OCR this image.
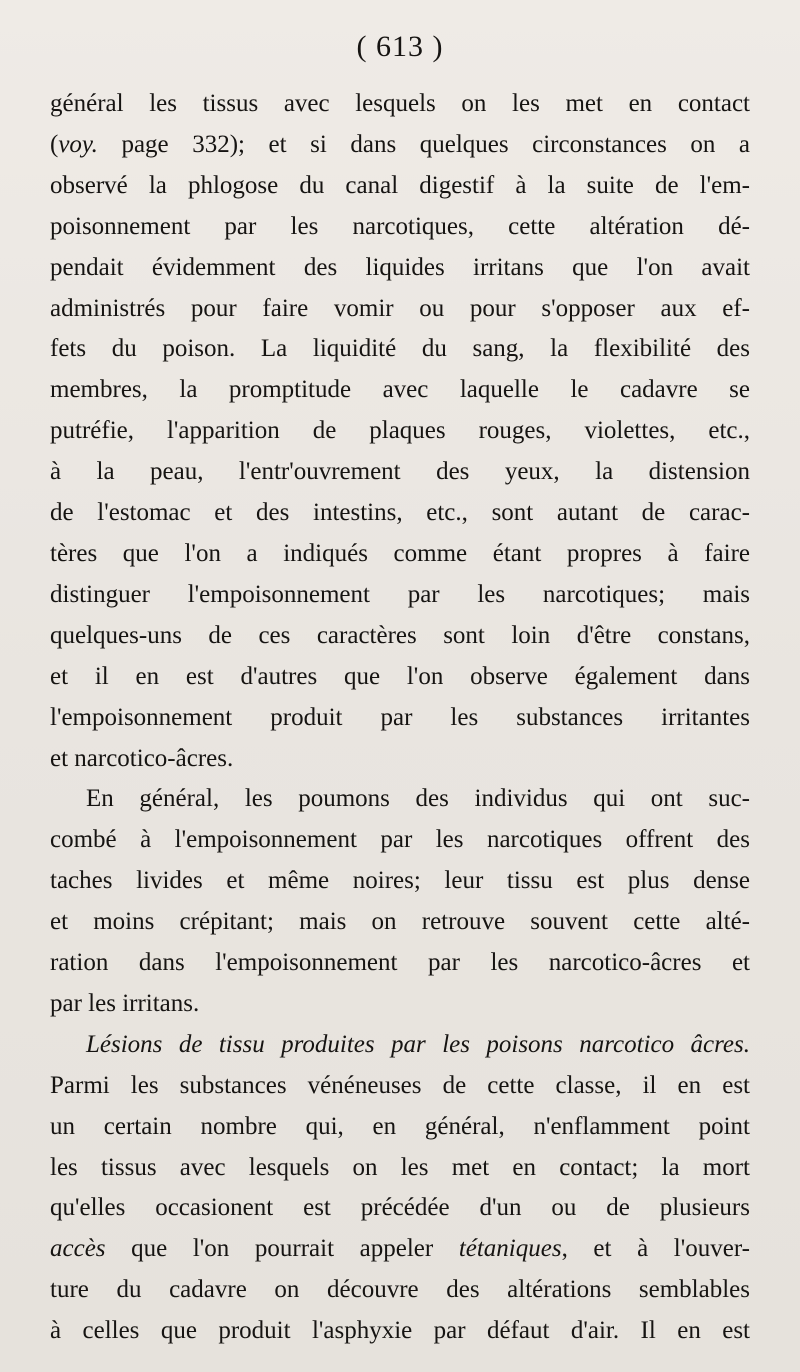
( 613 )
général les tissus avec lesquels on les met en contact
(voy. page 332); et si dans quelques circonstances on a
observé la phlogose du canal digestif à la suite de l'em-
poisonnement par les narcotiques, cette altération dé-
pendait évidemment des liquides irritans que l'on avait
administrés pour faire vomir ou pour s'opposer aux ef-
fets du poison. La liquidité du sang, la flexibilité des
membres, la promptitude avec laquelle le cadavre se
putréfie, l'apparition de plaques rouges, violettes, etc.,
à la peau, l'entr'ouvrement des yeux, la distension
de l'estomac et des intestins, etc., sont autant de carac-
tères que l'on a indiqués comme étant propres à faire
distinguer l'empoisonnement par les narcotiques; mais
quelques-uns de ces caractères sont loin d'être constans,
et il en est d'autres que l'on observe également dans
l'empoisonnement produit par les substances irritantes
et narcotico-âcres.
En général, les poumons des individus qui ont suc-
combé à l'empoisonnement par les narcotiques offrent des
taches livides et même noires; leur tissu est plus dense
et moins crépitant; mais on retrouve souvent cette alté-
ration dans l'empoisonnement par les narcotico-âcres et
par les irritans.
Lésions de tissu produites par les poisons narcotico âcres.
Parmi les substances vénéneuses de cette classe, il en est
un certain nombre qui, en général, n'enflamment point
les tissus avec lesquels on les met en contact; la mort
qu'elles occasionent est précédée d'un ou de plusieurs
accès que l'on pourrait appeler tétaniques, et à l'ouver-
ture du cadavre on découvre des altérations semblables
à celles que produit l'asphyxie par défaut d'air. Il en est
